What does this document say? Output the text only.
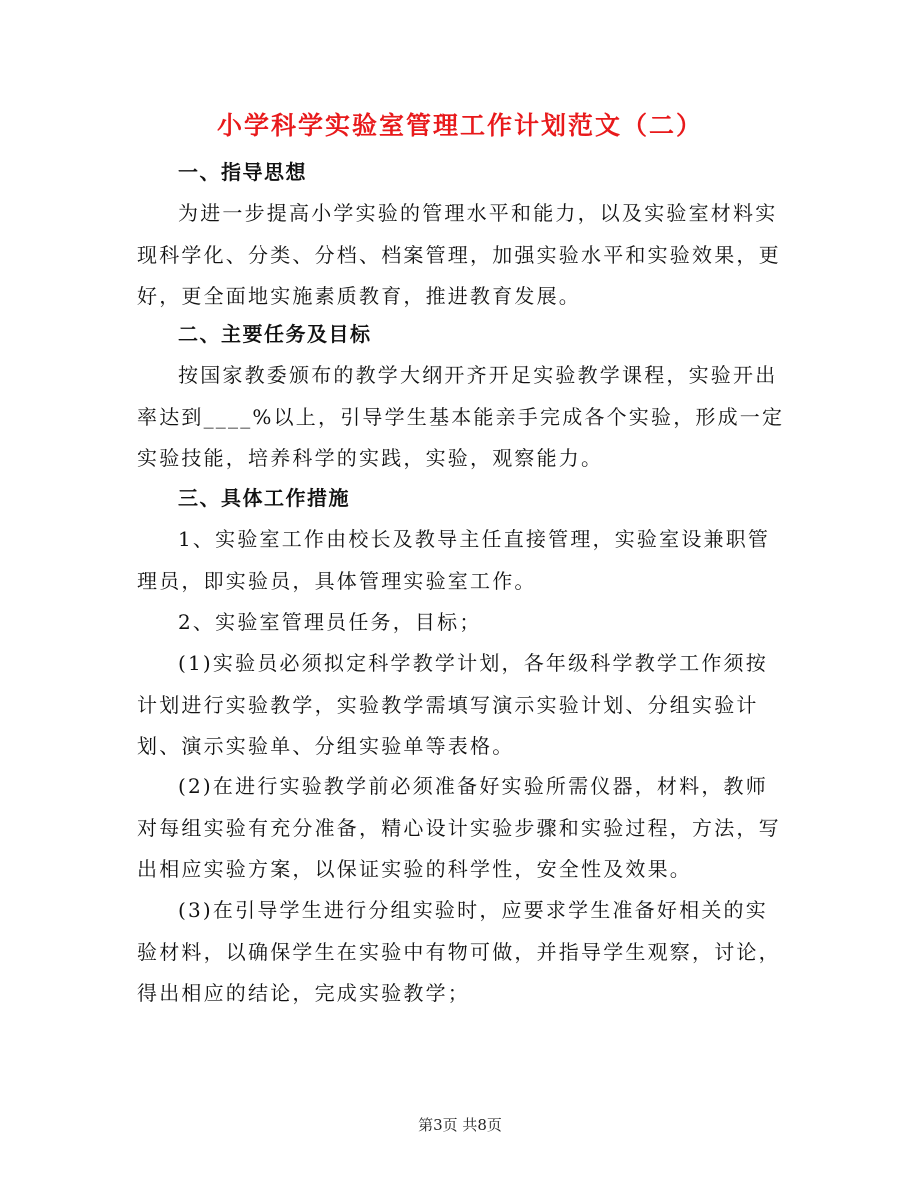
小学科学实验室管理工作计划范文（二）
一、指导思想
为进一步提高小学实验的管理水平和能力，以及实验室材料实现科学化、分类、分档、档案管理，加强实验水平和实验效果，更好，更全面地实施素质教育，推进教育发展。
二、主要任务及目标
按国家教委颁布的教学大纲开齐开足实验教学课程，实验开出率达到____%以上，引导学生基本能亲手完成各个实验，形成一定实验技能，培养科学的实践，实验，观察能力。
三、具体工作措施
1、实验室工作由校长及教导主任直接管理，实验室设兼职管理员，即实验员，具体管理实验室工作。
2、实验室管理员任务，目标；
(1)实验员必须拟定科学教学计划，各年级科学教学工作须按计划进行实验教学，实验教学需填写演示实验计划、分组实验计划、演示实验单、分组实验单等表格。
(2)在进行实验教学前必须准备好实验所需仪器，材料，教师对每组实验有充分准备，精心设计实验步骤和实验过程，方法，写出相应实验方案，以保证实验的科学性，安全性及效果。
(3)在引导学生进行分组实验时，应要求学生准备好相关的实验材料，以确保学生在实验中有物可做，并指导学生观察，讨论，得出相应的结论，完成实验教学；
第3页 共8页
